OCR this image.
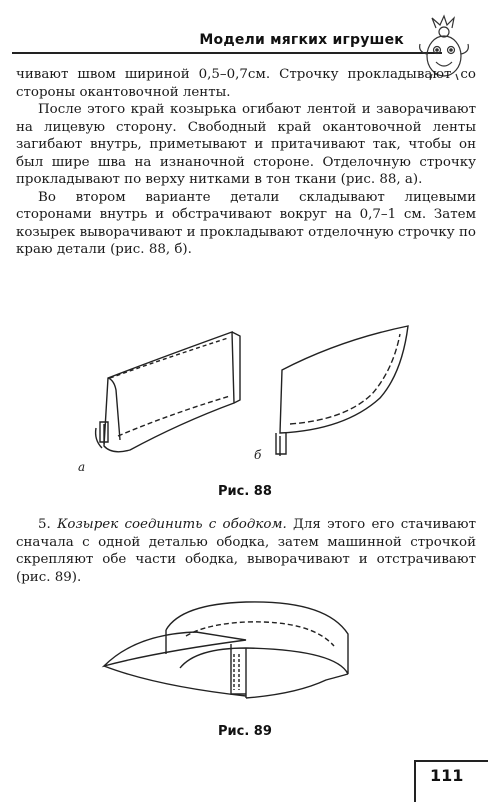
Модели мягких игрушек

чивают швом шириной 0,5–0,7см. Строчку прокладывают со стороны окантовочной ленты.

После этого край козырька огибают лентой и заворачивают на лицевую сторону. Свободный край окантовочной ленты загибают внутрь, приметывают и притачивают так, чтобы он был шире шва на изнаночной стороне. Отделочную строчку прокладывают по верху нитками в тон ткани (рис. 88, а).

Во втором варианте детали складывают лицевыми сторонами внутрь и обстрачивают вокруг на 0,7–1 см. Затем козырек выворачивают и прокладывают отделочную строчку по краю детали (рис. 88, б).

а
б
Рис. 88

5. Козырек соединить с ободком. Для этого его стачивают сначала с одной деталью ободка, затем машинной строчкой скрепляют обе части ободка, выворачивают и отстрачивают (рис. 89).

Рис. 89
111
